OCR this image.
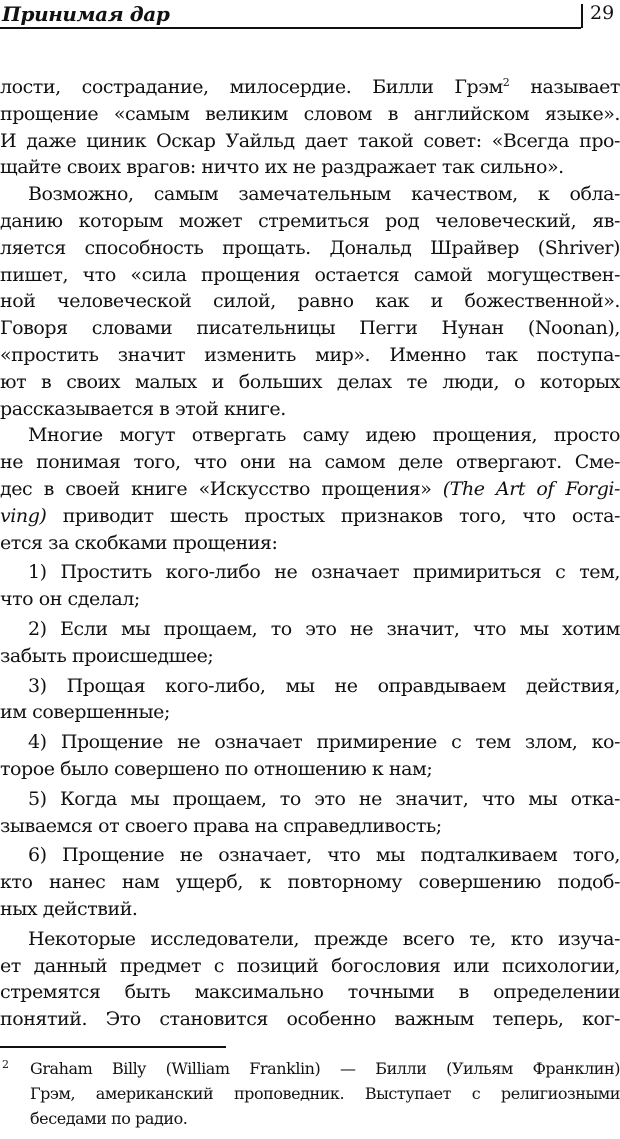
Принимая дар	29
лости, сострадание, милосердие. Билли Грэм$^2$ называет
прощение «самым великим словом в английском языке».
И даже циник Оскар Уайльд дает такой совет: «Всегда про-
щайте своих врагов: ничто их не раздражает так сильно».
Возможно, самым замечательным качеством, к обла-
данию которым может стремиться род человеческий, яв-
ляется способность прощать. Дональд Шрайвер (Shriver)
пишет, что «сила прощения остается самой могуществен-
ной человеческой силой, равно как и божественной».
Говоря словами писательницы Пегги Нунан (Noonan),
«простить значит изменить мир». Именно так поступа-
ют в своих малых и больших делах те люди, о которых
рассказывается в этой книге.
Многие могут отвергать саму идею прощения, просто
не понимая того, что они на самом деле отвергают. Сме-
дес в своей книге «Искусство прощения» (The Art of Forgi-
ving) приводит шесть простых признаков того, что оста-
ется за скобками прощения:
1) Простить кого-либо не означает примириться с тем,
что он сделал;
2) Если мы прощаем, то это не значит, что мы хотим
забыть происшедшее;
3) Прощая кого-либо, мы не оправдываем действия,
им совершенные;
4) Прощение не означает примирение с тем злом, ко-
торое было совершено по отношению к нам;
5) Когда мы прощаем, то это не значит, что мы отка-
зываемся от своего права на справедливость;
6) Прощение не означает, что мы подталкиваем того,
кто нанес нам ущерб, к повторному совершению подоб-
ных действий.
Некоторые исследователи, прежде всего те, кто изуча-
ет данный предмет с позиций богословия или психологии,
стремятся быть максимально точными в определении
понятий. Это становится особенно важным теперь, ког-
2 Graham Billy (William Franklin) — Билли (Уильям Франклин)
Грэм, американский проповедник. Выступает с религиозными
беседами по радио.
